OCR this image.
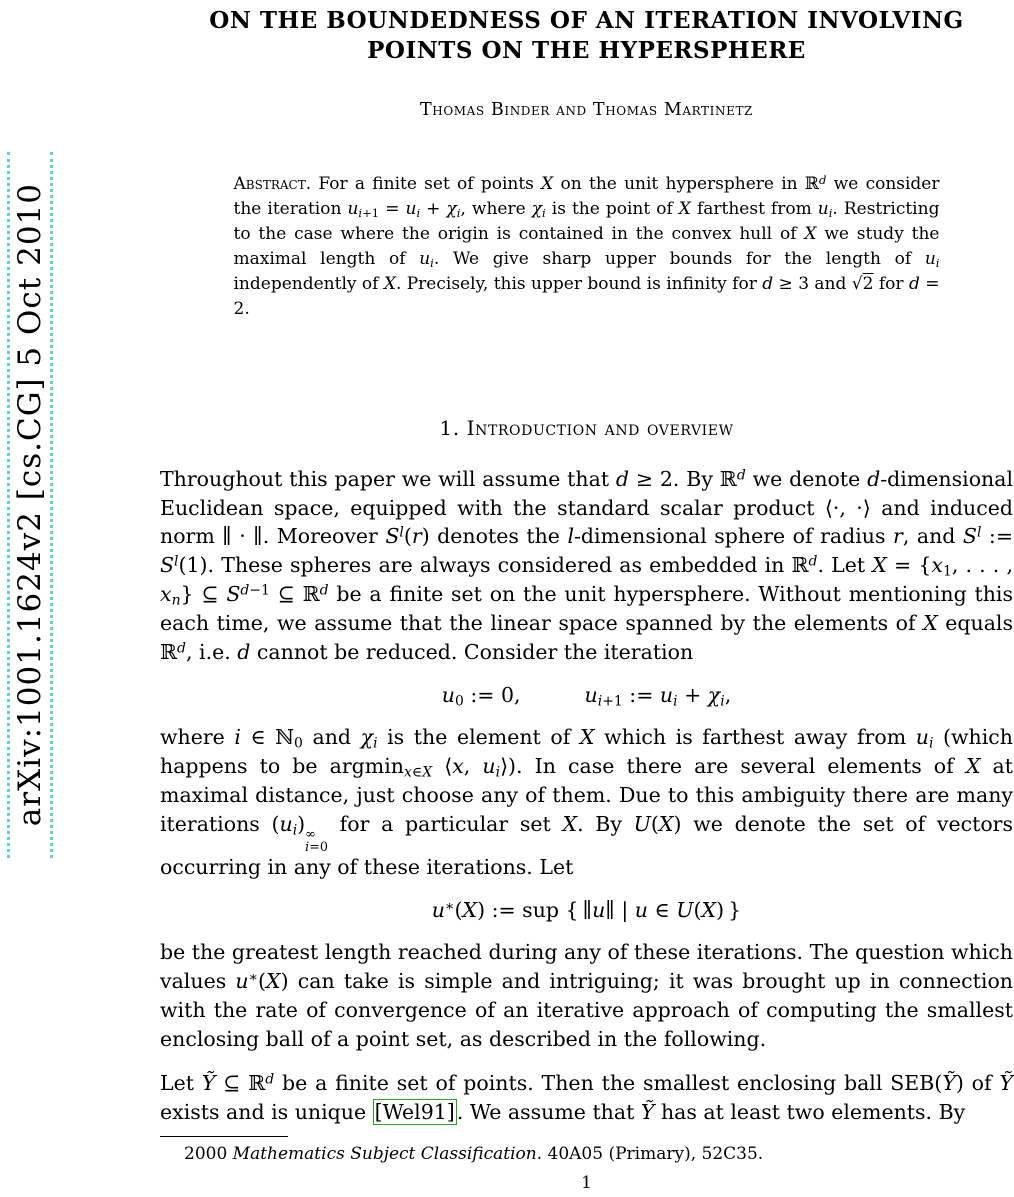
arXiv:1001.1624v2 [cs.CG] 5 Oct 2010
ON THE BOUNDEDNESS OF AN ITERATION INVOLVING
POINTS ON THE HYPERSPHERE
Thomas Binder and Thomas Martinetz
Abstract. For a finite set of points X on the unit hypersphere in ℝ$^d$ we consider the iteration $u_{i+1} = u_i + \chi_i$, where $\chi_i$ is the point of X farthest from $u_i$. Restricting to the case where the origin is contained in the convex hull of X we study the maximal length of $u_i$. We give sharp upper bounds for the length of $u_i$ independently of X. Precisely, this upper bound is infinity for d ≥ 3 and √2 for d = 2.
1. Introduction and overview

Throughout this paper we will assume that d ≥ 2. By ℝ$^d$ we denote d-dimensional Euclidean space, equipped with the standard scalar product ⟨·, ·⟩ and induced norm ∥ · ∥. Moreover $S^l(r)$ denotes the l-dimensional sphere of radius r, and $S^l$ := $S^l(1)$. These spheres are always considered as embedded in ℝ$^d$. Let $X = \{x_1$, . . . , $x_n$} ⊆ $S^{d-1}$ ⊆ ℝ$^d$ be a finite set on the unit hypersphere. Without mentioning this each time, we assume that the linear space spanned by the elements of X equals ℝ$^d$, i.e. d cannot be reduced. Consider the iteration

$u_0$ := 0,	$u_{i+1}$ := $u_i + \chi_i$,

where i ∈ ℕ$_0$ and $\chi_i$ is the element of X which is farthest away from $u_i$ (which happens to be argmin$_{x\in X}$ ⟨x, $u_i⟩$). In case there are several elements of X at maximal distance, just choose any of them. Due to this ambiguity there are many iterations $(u_i)$ ∞
i=0
for a particular set X. By U(X) we denote the set of vectors occurring in any of these iterations. Let

u∗(X) := sup { ∥u∥ | u ∈ U(X) }

be the greatest length reached during any of these iterations. The question which values u∗(X) can take is simple and intriguing; it was brought up in connection with the rate of convergence of an iterative approach of computing the smallest enclosing ball of a point set, as described in the following.

Let Ỹ ⊆ ℝ$^d$ be a finite set of points. Then the smallest enclosing ball SEB(Ỹ) of Ỹ exists and is unique [Wel91]. We assume that Ỹ has at least two elements. By

2000 Mathematics Subject Classification. 40A05 (Primary), 52C35.

1
